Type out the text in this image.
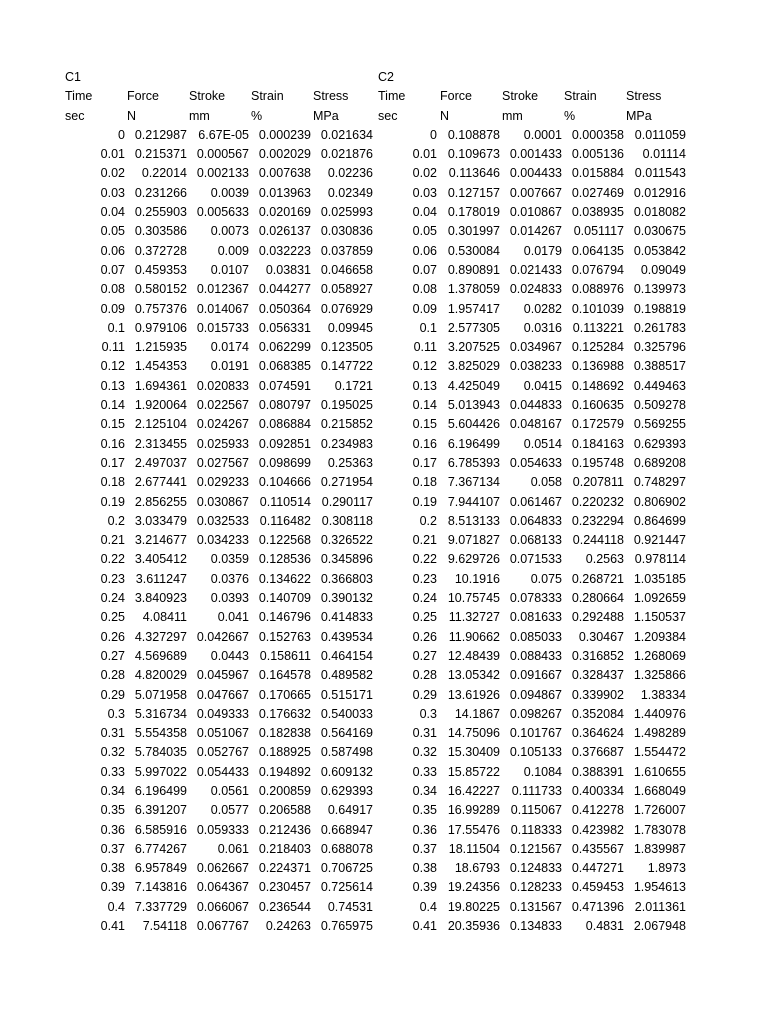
C1	C2
Time	Force	Stroke	Strain	Stress	Time	Force	Stroke	Strain	Stress
sec	N	mm	%	MPa	sec	N	mm	%	MPa
0 0.212987 6.67E-05 0.000239 0.021634	0 0.108878	0.0001 0.000358 0.011059
0.01 0.215371 0.000567 0.002029 0.021876	0.01 0.109673 0.001433 0.005136	0.01114
0.02	0.22014 0.002133 0.007638	0.02236	0.02 0.113646 0.004433 0.015884 0.011543
0.03 0.231266	0.0039 0.013963	0.02349	0.03 0.127157 0.007667 0.027469 0.012916
0.04 0.255903 0.005633 0.020169 0.025993	0.04 0.178019 0.010867 0.038935 0.018082
0.05 0.303586	0.0073 0.026137 0.030836	0.05 0.301997 0.014267 0.051117 0.030675
0.06 0.372728	0.009 0.032223 0.037859	0.06 0.530084	0.0179 0.064135 0.053842
0.07 0.459353	0.0107	0.03831 0.046658	0.07 0.890891 0.021433 0.076794	0.09049
0.08 0.580152 0.012367 0.044277 0.058927	0.08 1.378059 0.024833 0.088976 0.139973
0.09 0.757376 0.014067 0.050364 0.076929	0.09 1.957417	0.0282 0.101039 0.198819
0.1 0.979106 0.015733 0.056331	0.09945	0.1 2.577305	0.0316 0.113221 0.261783
0.11 1.215935	0.0174 0.062299 0.123505	0.11 3.207525 0.034967 0.125284 0.325796
0.12 1.454353	0.0191 0.068385 0.147722	0.12 3.825029 0.038233 0.136988 0.388517
0.13 1.694361 0.020833 0.074591	0.1721	0.13 4.425049	0.0415 0.148692 0.449463
0.14 1.920064 0.022567 0.080797 0.195025	0.14 5.013943 0.044833 0.160635 0.509278
0.15 2.125104 0.024267 0.086884 0.215852	0.15 5.604426 0.048167 0.172579 0.569255
0.16 2.313455 0.025933 0.092851 0.234983	0.16 6.196499	0.0514 0.184163 0.629393
0.17 2.497037 0.027567 0.098699	0.25363	0.17 6.785393 0.054633 0.195748 0.689208
0.18 2.677441 0.029233 0.104666 0.271954	0.18 7.367134	0.058 0.207811 0.748297
0.19 2.856255 0.030867 0.110514 0.290117	0.19 7.944107 0.061467 0.220232 0.806902
0.2 3.033479 0.032533 0.116482 0.308118	0.2 8.513133 0.064833 0.232294 0.864699
0.21 3.214677 0.034233 0.122568 0.326522	0.21 9.071827 0.068133 0.244118 0.921447
0.22 3.405412	0.0359 0.128536 0.345896	0.22 9.629726 0.071533	0.2563 0.978114
0.23 3.611247	0.0376 0.134622 0.366803	0.23	10.1916	0.075 0.268721 1.035185
0.24 3.840923	0.0393 0.140709 0.390132	0.24 10.75745 0.078333 0.280664 1.092659
0.25	4.08411	0.041 0.146796 0.414833	0.25 11.32727 0.081633 0.292488 1.150537
0.26 4.327297 0.042667 0.152763 0.439534	0.26 11.90662 0.085033	0.30467 1.209384
0.27 4.569689	0.0443 0.158611 0.464154	0.27 12.48439 0.088433 0.316852 1.268069
0.28 4.820029 0.045967 0.164578 0.489582	0.28 13.05342 0.091667 0.328437 1.325866
0.29 5.071958 0.047667 0.170665 0.515171	0.29 13.61926 0.094867 0.339902	1.38334
0.3 5.316734 0.049333 0.176632 0.540033	0.3	14.1867 0.098267 0.352084 1.440976
0.31 5.554358 0.051067 0.182838 0.564169	0.31 14.75096 0.101767 0.364624 1.498289
0.32 5.784035 0.052767 0.188925 0.587498	0.32 15.30409 0.105133 0.376687 1.554472
0.33 5.997022 0.054433 0.194892 0.609132	0.33 15.85722	0.1084 0.388391 1.610655
0.34 6.196499	0.0561 0.200859 0.629393	0.34 16.42227 0.111733 0.400334 1.668049
0.35 6.391207	0.0577 0.206588	0.64917	0.35 16.99289 0.115067 0.412278 1.726007
0.36 6.585916 0.059333 0.212436 0.668947	0.36 17.55476 0.118333 0.423982 1.783078
0.37 6.774267	0.061 0.218403 0.688078	0.37 18.11504 0.121567 0.435567 1.839987
0.38 6.957849 0.062667 0.224371 0.706725	0.38	18.6793 0.124833 0.447271	1.8973
0.39 7.143816 0.064367 0.230457 0.725614	0.39 19.24356 0.128233 0.459453 1.954613
0.4 7.337729 0.066067 0.236544	0.74531	0.4 19.80225 0.131567 0.471396 2.011361
0.41	7.54118 0.067767	0.24263 0.765975	0.41 20.35936 0.134833	0.4831 2.067948
